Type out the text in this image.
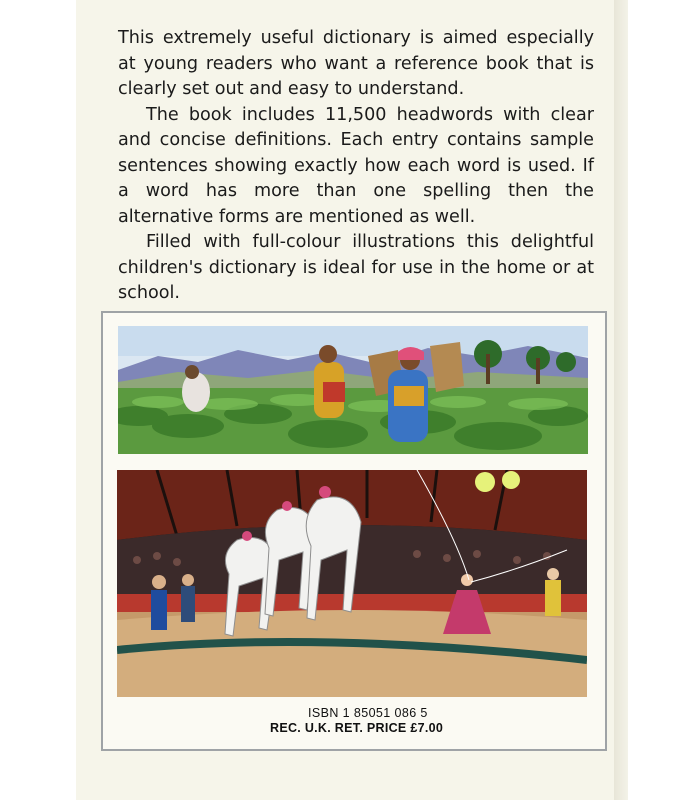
This extremely useful dictionary is aimed especially at young readers who want a reference book that is clearly set out and easy to understand.

The book includes 11,500 headwords with clear and concise definitions. Each entry contains sample sentences showing exactly how each word is used. If a word has more than one spelling then the alternative forms are mentioned as well.

Filled with full-colour illustrations this delightful children's dictionary is ideal for use in the home or at school.

ISBN 1 85051 086 5
REC. U.K. RET. PRICE £7.00
